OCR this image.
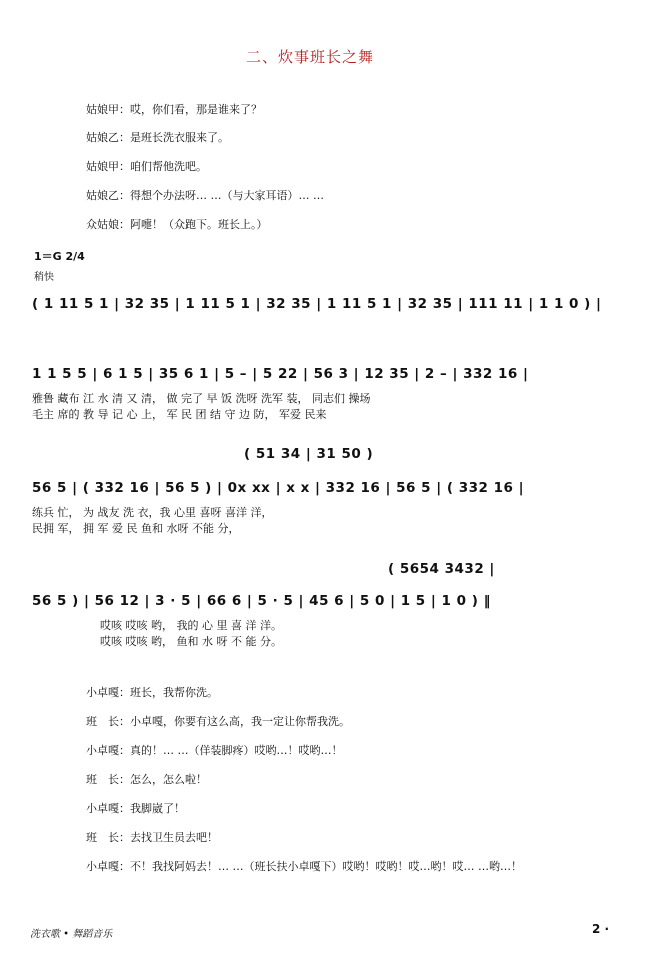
二、炊事班长之舞
姑娘甲：哎，你们看，那是谁来了？
姑娘乙：是班长洗衣服来了。
姑娘甲：咱们帮他洗吧。
姑娘乙：得想个办法呀… …（与大家耳语）… …
众姑娘：阿嚏！（众跑下。班长上。）
1＝G 2/4
稍快
( 1 11 5 1 | 32 35 | 1 11 5 1 | 32 35 | 1 11 5 1 | 32 35 | 111 11 | 1 1 0 ) |
1 1 5 5 | 6 1 5 | 35 6 1 | 5 – | 5 22 | 56 3 | 12 35 | 2 – | 332 16 |
雅鲁 藏布 江 水 清 又 清， 做 完了 早 饭 洗呀 洗军 装， 同志们 操场
毛主 席的 教 导 记 心 上， 军 民 团 结 守 边 防， 军爱 民来
( 51 34 | 31 50 )
56 5 | ( 332 16 | 56 5 ) | 0x xx | x x | 332 16 | 56 5 | ( 332 16 |
练兵 忙， 为 战友 洗 衣，我 心里 喜呀 喜洋 洋，
民拥 军， 拥 军 爱 民 鱼和 水呀 不能 分，
( 5654 3432 |
56 5 ) | 56 12 | 3 · 5 | 66 6 | 5 · 5 | 45 6 | 5 0 | 1 5 | 1 0 ) ‖
哎咳 哎咳 哟， 我的 心 里 喜 洋 洋。
哎咳 哎咳 哟， 鱼和 水 呀 不 能 分。
小卓嘎：班长，我帮你洗。
班　长：小卓嘎，你要有这么高，我一定让你帮我洗。
小卓嘎：真的！… …（佯装脚疼）哎哟…！哎哟…！
班　长：怎么，怎么啦！
小卓嘎：我脚崴了！
班　长：去找卫生员去吧！
小卓嘎：不！我找阿妈去！… …（班长扶小卓嘎下）哎哟！哎哟！哎…哟！哎… …哟…！
洗衣歌 • 舞蹈音乐	2 ·
